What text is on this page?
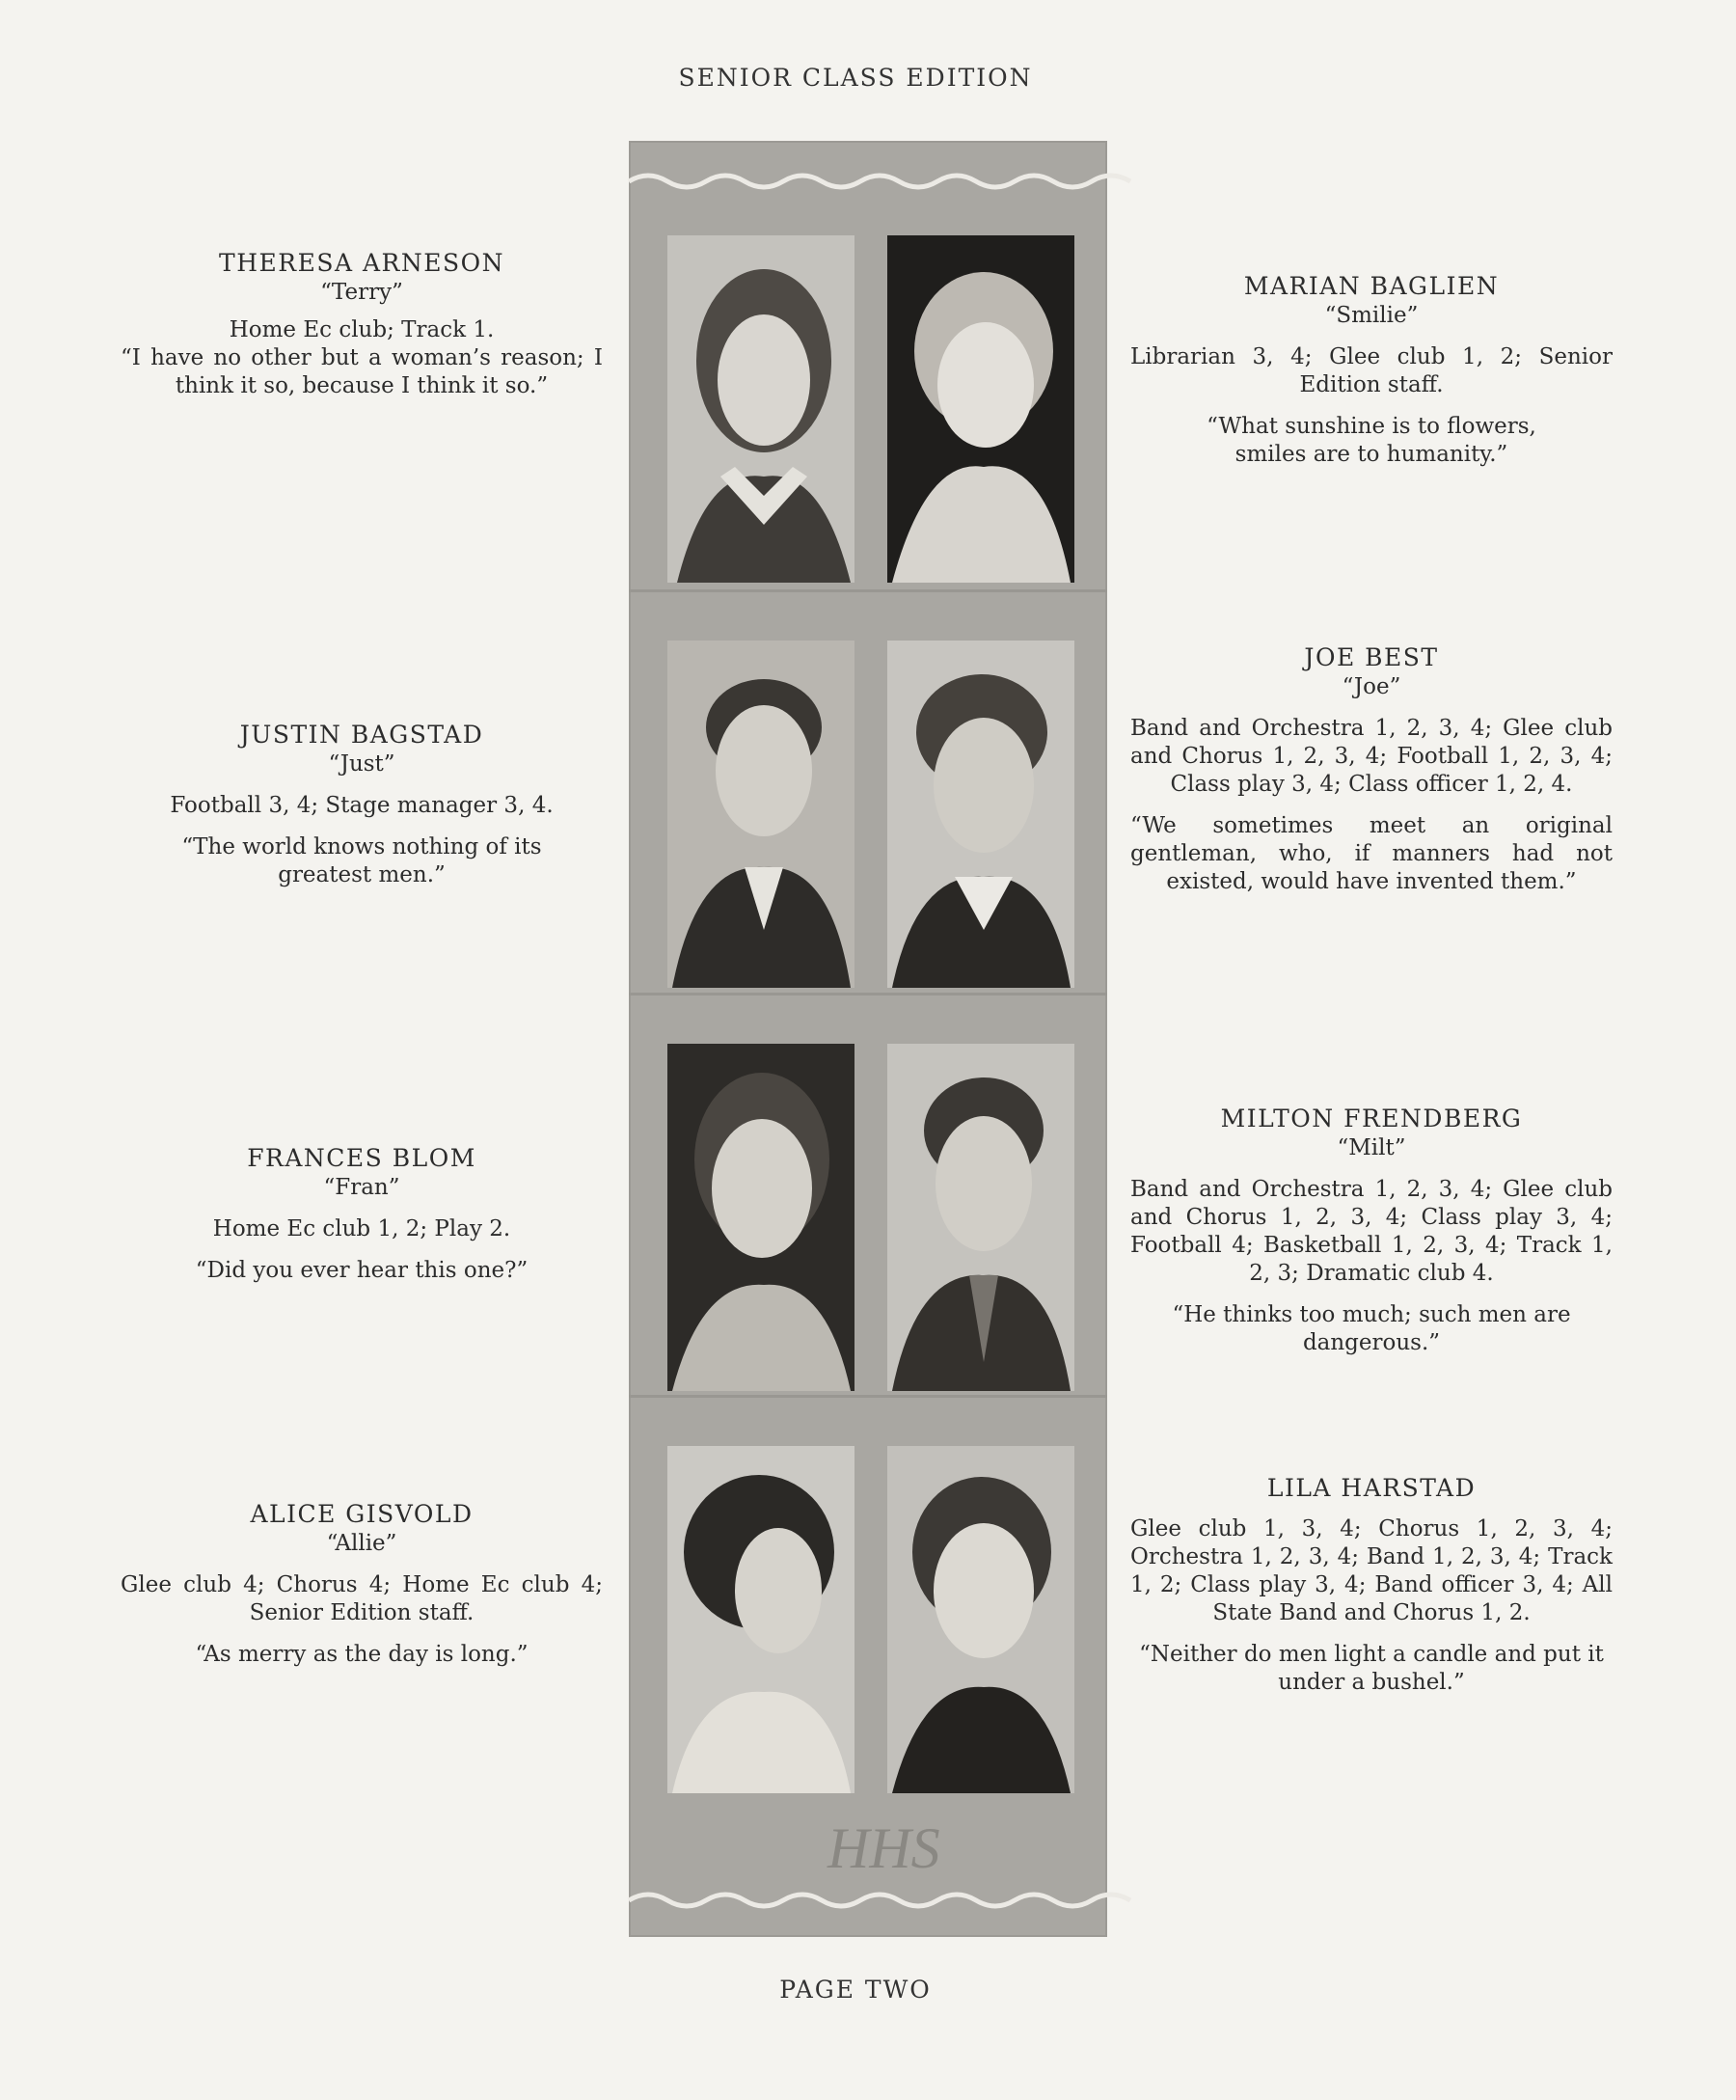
SENIOR CLASS EDITION
THERESA ARNESON
“Terry”
Home Ec club; Track 1.
“I have no other but a woman’s reason; I think it so, because I think it so.”
JUSTIN BAGSTAD
“Just”
Football 3, 4; Stage manager 3, 4.
“The world knows nothing of its greatest men.”
FRANCES BLOM
“Fran”
Home Ec club 1, 2; Play 2.
“Did you ever hear this one?”
ALICE GISVOLD
“Allie”
Glee club 4; Chorus 4; Home Ec club 4; Senior Edition staff.
“As merry as the day is long.”
MARIAN BAGLIEN
“Smilie”
Librarian 3, 4; Glee club 1, 2; Senior Edition staff.
“What sunshine is to flowers, smiles are to humanity.”
JOE BEST
“Joe”
Band and Orchestra 1, 2, 3, 4; Glee club and Chorus 1, 2, 3, 4; Football 1, 2, 3, 4; Class play 3, 4; Class officer 1, 2, 4.
“We sometimes meet an original gentleman, who, if manners had not existed, would have invented them.”
MILTON FRENDBERG
“Milt”
Band and Orchestra 1, 2, 3, 4; Glee club and Chorus 1, 2, 3, 4; Class play 3, 4; Football 4; Basketball 1, 2, 3, 4; Track 1, 2, 3; Dramatic club 4.
“He thinks too much; such men are dangerous.”
LILA HARSTAD
Glee club 1, 3, 4; Chorus 1, 2, 3, 4; Orchestra 1, 2, 3, 4; Band 1, 2, 3, 4; Track 1, 2; Class play 3, 4; Band officer 3, 4; All State Band and Chorus 1, 2.
“Neither do men light a candle and put it under a bushel.”
HHS
PAGE TWO
